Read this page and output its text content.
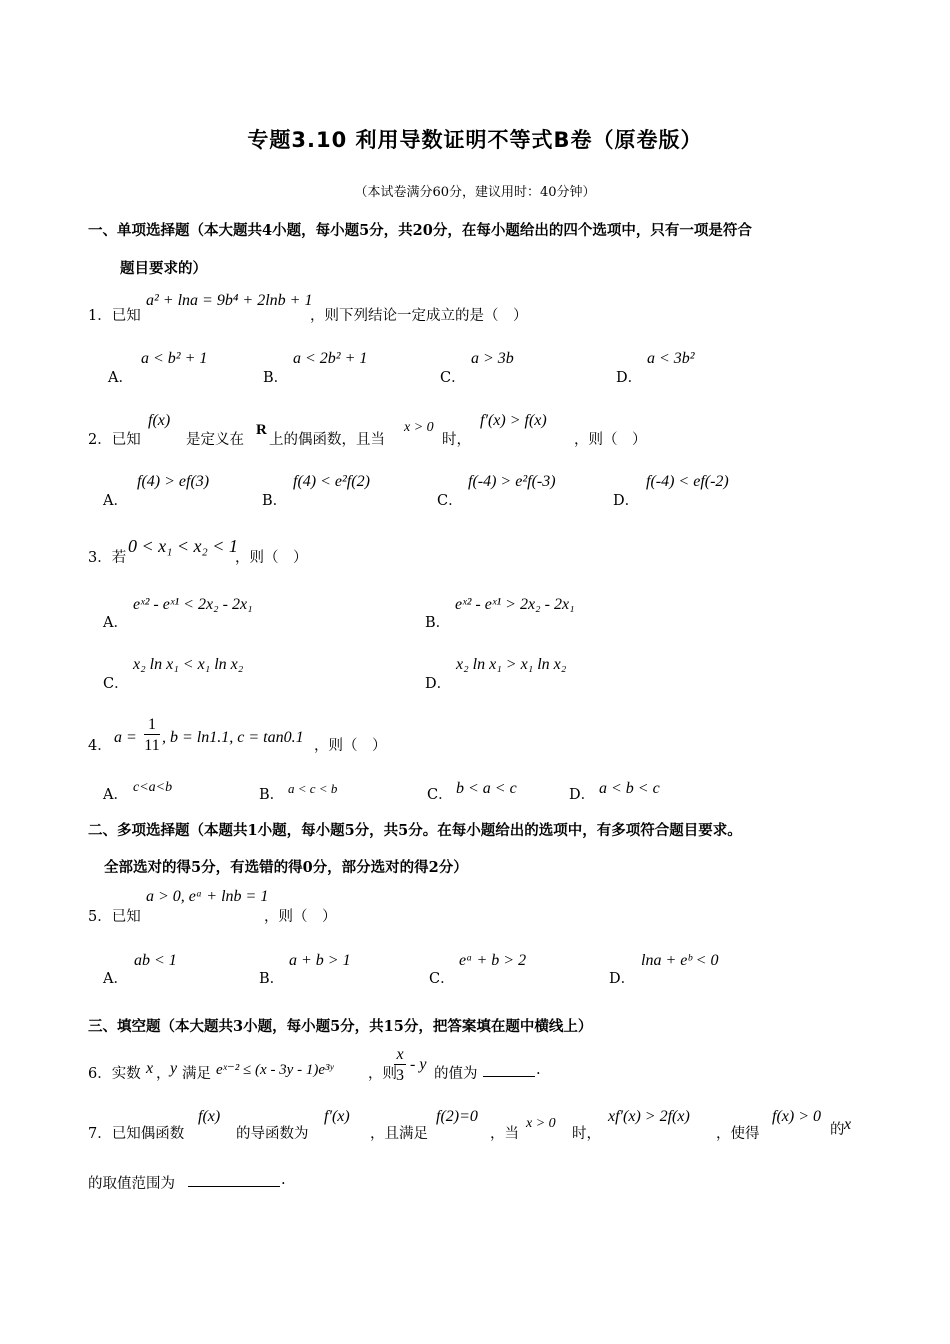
专题3.10 利用导数证明不等式B卷（原卷版）
（本试卷满分60分，建议用时：40分钟）
一、单项选择题（本大题共4小题，每小题5分，共20分，在每小题给出的四个选项中，只有一项是符合
题目要求的）
1．已知
a² + lna = 9b⁴ + 2lnb + 1
，则下列结论一定成立的是（　）
A．
a < b² + 1
B．
a < 2b² + 1
C．
a > 3b
D．
a < 3b²
2．已知
f(x)
是定义在
R
上的偶函数，且当
x > 0
时，
f′(x) > f(x)
，则（　）
A．
f(4) > ef(3)
B．
f(4) < e²f(2)
C．
f(-4) > e²f(-3)
D．
f(-4) < ef(-2)
3．若
0 < x₁ < x₂ < 1
，则（　）
A．
eˣ² - eˣ¹ < 2x₂ - 2x₁
B．
eˣ² - eˣ¹ > 2x₂ - 2x₁
C．
x₂ ln x₁ < x₁ ln x₂
D．
x₂ ln x₁ > x₁ ln x₂
4． a =
1
11 , b = ln1.1, c = tan0.1 ，则（　）
A． c<a<b	B． a < c < b	C． b < a < c	D． a < b < c
二、多项选择题（本题共1小题，每小题5分，共5分。在每小题给出的选项中，有多项符合题目要求。
全部选对的得5分，有选错的得0分，部分选对的得2分）
5．已知
a > 0, eᵃ + lnb = 1
，则（　）
A．
ab < 1
B．
a + b > 1
C．
eᵃ + b > 2
D．
lna + eᵇ < 0
三、填空题（本大题共3小题，每小题5分，共15分，把答案填在题中横线上）
6．实数 x ， y 满足 eˣ⁻² ≤ (x - 3y - 1)e³ʸ ，则
x
3
- y
的值为	.
7．已知偶函数
f(x)
的导函数为
f′(x)
，且满足
f(2)=0
，当
x > 0
时，
xf′(x) > 2f(x)
，使得
f(x) > 0
的 x
的取值范围为	.
